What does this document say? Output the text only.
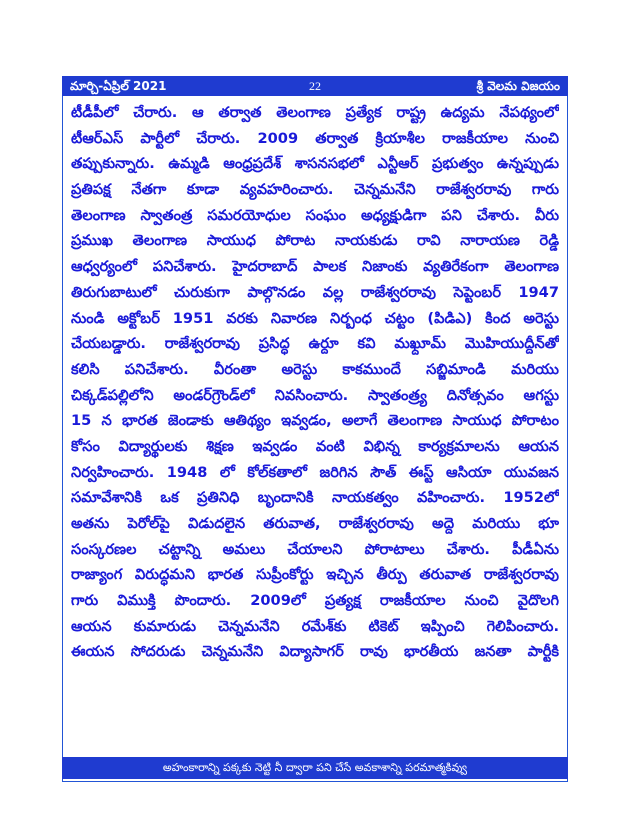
మార్చి-ఏప్రిల్ 2021	22	శ్రీ వెలమ విజయం
టీడీపీలో చేరారు. ఆ తర్వాత తెలంగాణ ప్రత్యేక రాష్ట్ర ఉద్యమ నేపథ్యంలో
టీఆర్ఎస్ పార్టీలో చేరారు. 2009 తర్వాత క్రియాశీల రాజకీయాల నుంచి
తప్పుకున్నారు. ఉమ్మడి ఆంధ్రప్రదేశ్ శాసనసభలో ఎన్టీఆర్ ప్రభుత్వం ఉన్నప్పుడు
ప్రతిపక్ష నేతగా కూడా వ్యవహరించారు. చెన్నమనేని రాజేశ్వరరావు గారు
తెలంగాణ స్వాతంత్ర సమరయోధుల సంఘం అధ్యక్షుడిగా పని చేశారు. వీరు
ప్రముఖ తెలంగాణ సాయుధ పోరాట నాయకుడు రావి నారాయణ రెడ్డి
ఆధ్వర్యంలో పనిచేశారు. హైదరాబాద్ పాలక నిజాంకు వ్యతిరేకంగా తెలంగాణ
తిరుగుబాటులో చురుకుగా పాల్గొనడం వల్ల రాజేశ్వరరావు సెప్టెంబర్ 1947
నుండి అక్టోబర్ 1951 వరకు నివారణ నిర్బంధ చట్టం (పిడిఎ) కింద అరెస్టు
చేయబడ్డారు. రాజేశ్వరరావు ప్రసిద్ధ ఉర్దూ కవి మఖ్దూమ్ మొహియుద్దీన్‌తో
కలిసి పనిచేశారు. వీరంతా అరెస్టు కాకముందే సబ్జిమాండి మరియు
చిక్కడ్‌పల్లిలోని అండర్‌గ్రౌండ్‌లో నివసించారు. స్వాతంత్ర్య దినోత్సవం ఆగస్టు
15 న భారత జెండాకు ఆతిథ్యం ఇవ్వడం, అలాగే తెలంగాణ సాయుధ పోరాటం
కోసం విద్యార్థులకు శిక్షణ ఇవ్వడం వంటి విభిన్న కార్యక్రమాలను ఆయన
నిర్వహించారు. 1948 లో కోల్‌కతాలో జరిగిన సౌత్ ఈస్ట్ ఆసియా యువజన
సమావేశానికి ఒక ప్రతినిధి బృందానికి నాయకత్వం వహించారు. 1952లో
అతను పెరోల్‌పై విడుదలైన తరువాత, రాజేశ్వరరావు అద్దె మరియు భూ
సంస్కరణల చట్టాన్ని అమలు చేయాలని పోరాటాలు చేశారు. పీడీఏను
రాజ్యాంగ విరుద్ధమని భారత సుప్రీంకోర్టు ఇచ్చిన తీర్పు తరువాత రాజేశ్వరరావు
గారు విముక్తి పొందారు. 2009లో ప్రత్యక్ష రాజకీయాల నుంచి వైదొలగి
ఆయన కుమారుడు చెన్నమనేని రమేశ్‌కు టికెట్ ఇప్పించి గెలిపించారు.
ఈయన సోదరుడు చెన్నమనేని విద్యాసాగర్ రావు భారతీయ జనతా పార్టీకి
అహంకారాన్ని పక్కకు నెట్టి నీ ద్వారా పని చేసే అవకాశాన్ని పరమాత్మకివ్వు
